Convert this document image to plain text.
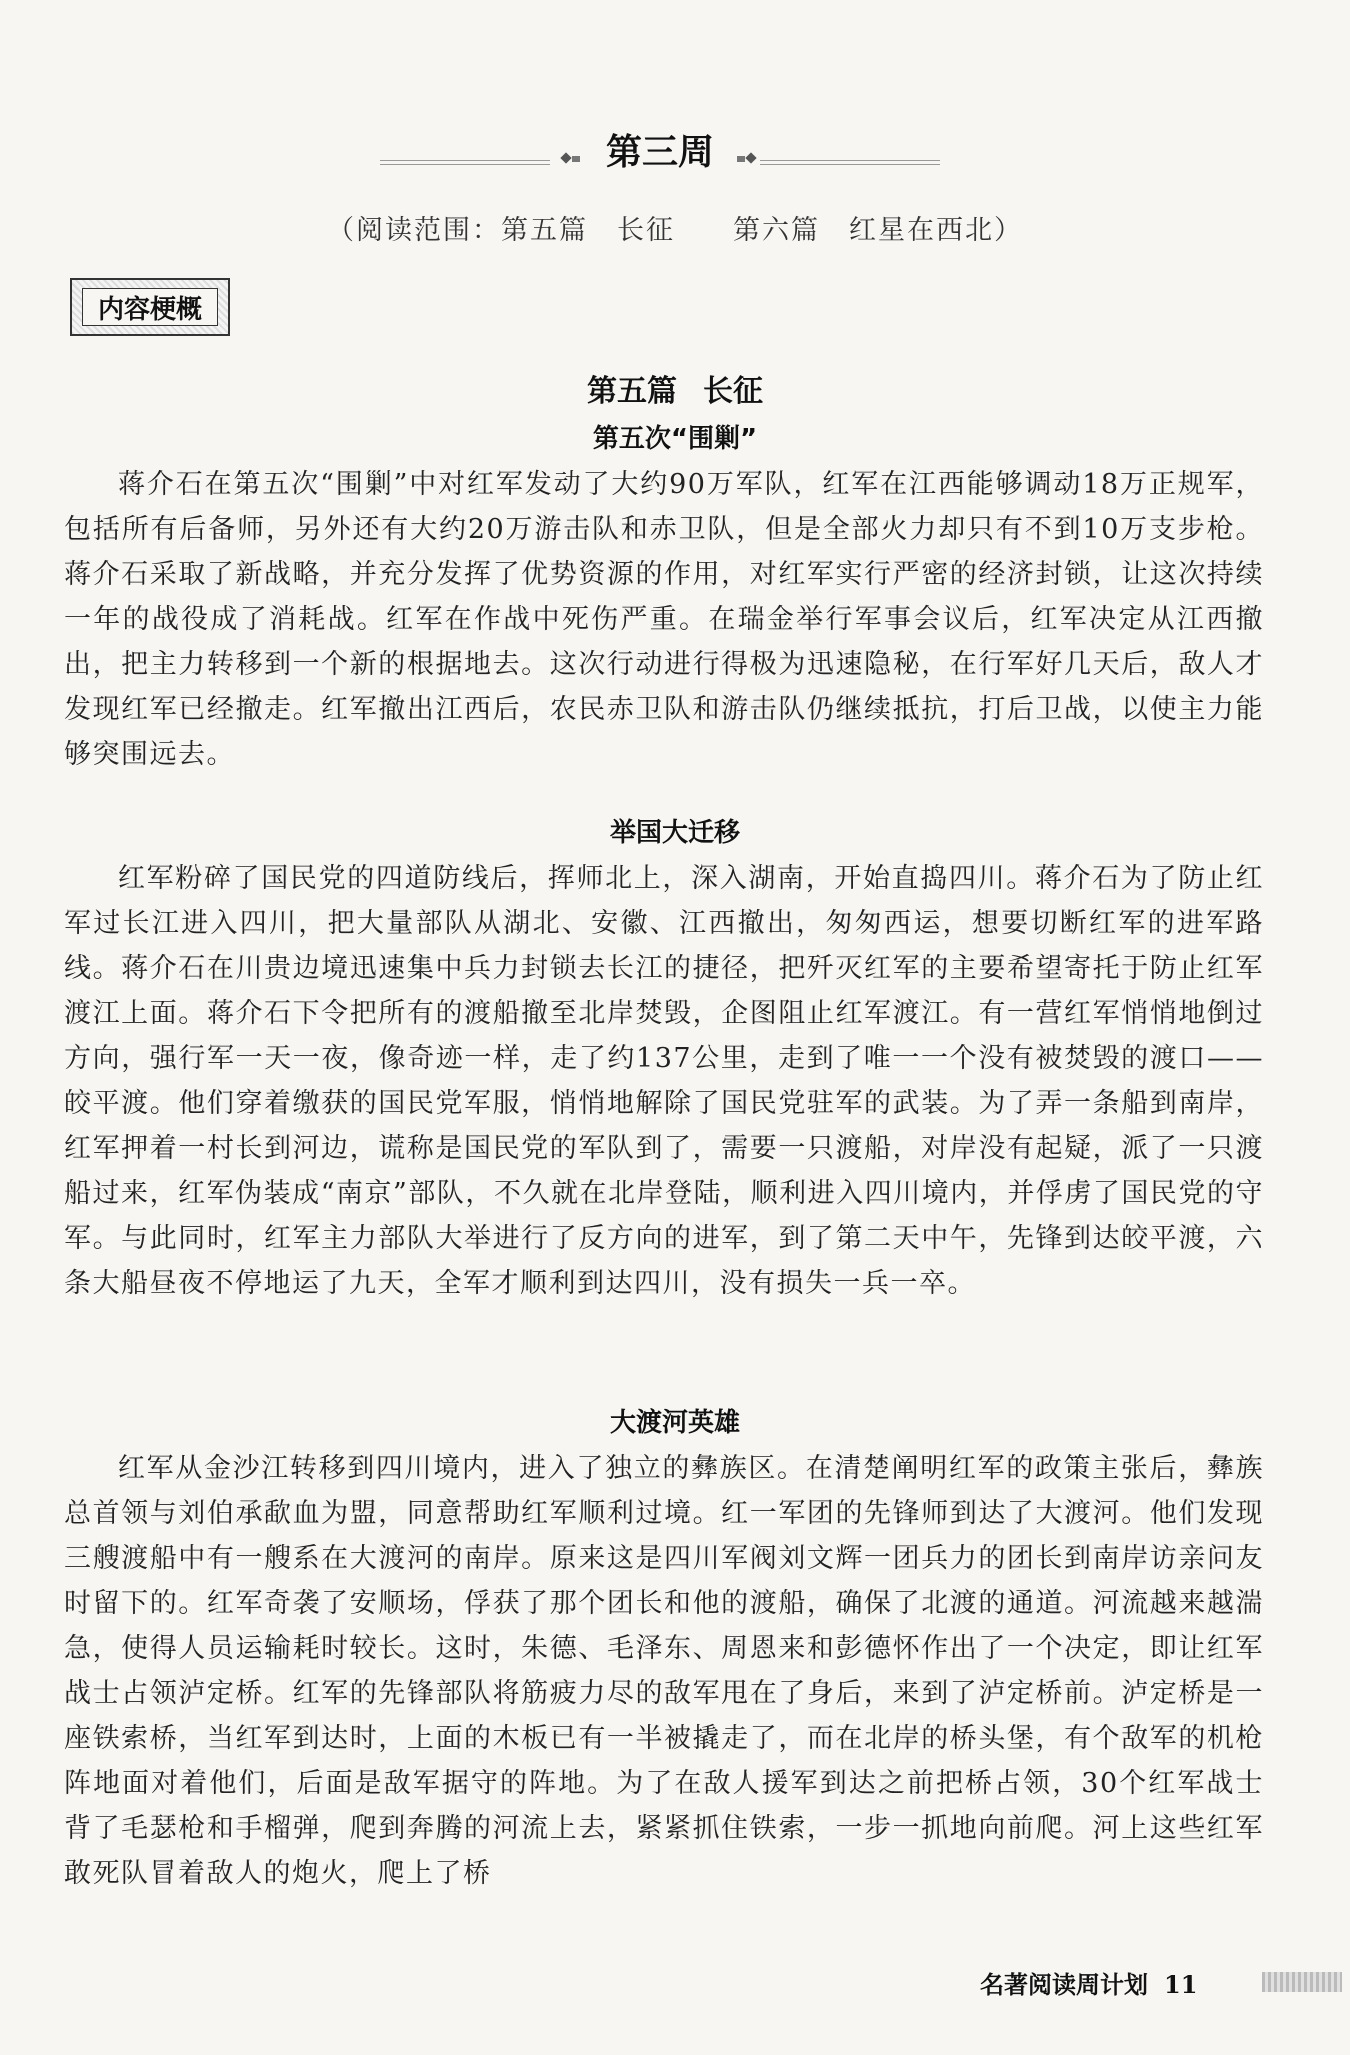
第三周
（阅读范围：第五篇　长征　　第六篇　红星在西北）
内容梗概
第五篇 长征
第五次“围剿”

蒋介石在第五次“围剿”中对红军发动了大约90万军队，红军在江西能够调动18万正规军，包括所有后备师，另外还有大约20万游击队和赤卫队，但是全部火力却只有不到10万支步枪。蒋介石采取了新战略，并充分发挥了优势资源的作用，对红军实行严密的经济封锁，让这次持续一年的战役成了消耗战。红军在作战中死伤严重。在瑞金举行军事会议后，红军决定从江西撤出，把主力转移到一个新的根据地去。这次行动进行得极为迅速隐秘，在行军好几天后，敌人才发现红军已经撤走。红军撤出江西后，农民赤卫队和游击队仍继续抵抗，打后卫战，以使主力能够突围远去。

举国大迁移

红军粉碎了国民党的四道防线后，挥师北上，深入湖南，开始直捣四川。蒋介石为了防止红军过长江进入四川，把大量部队从湖北、安徽、江西撤出，匆匆西运，想要切断红军的进军路线。蒋介石在川贵边境迅速集中兵力封锁去长江的捷径，把歼灭红军的主要希望寄托于防止红军渡江上面。蒋介石下令把所有的渡船撤至北岸焚毁，企图阻止红军渡江。有一营红军悄悄地倒过方向，强行军一天一夜，像奇迹一样，走了约137公里，走到了唯一一个没有被焚毁的渡口——皎平渡。他们穿着缴获的国民党军服，悄悄地解除了国民党驻军的武装。为了弄一条船到南岸，红军押着一村长到河边，谎称是国民党的军队到了，需要一只渡船，对岸没有起疑，派了一只渡船过来，红军伪装成“南京”部队，不久就在北岸登陆，顺利进入四川境内，并俘虏了国民党的守军。与此同时，红军主力部队大举进行了反方向的进军，到了第二天中午，先锋到达皎平渡，六条大船昼夜不停地运了九天，全军才顺利到达四川，没有损失一兵一卒。

大渡河英雄

红军从金沙江转移到四川境内，进入了独立的彝族区。在清楚阐明红军的政策主张后，彝族总首领与刘伯承歃血为盟，同意帮助红军顺利过境。红一军团的先锋师到达了大渡河。他们发现三艘渡船中有一艘系在大渡河的南岸。原来这是四川军阀刘文辉一团兵力的团长到南岸访亲问友时留下的。红军奇袭了安顺场，俘获了那个团长和他的渡船，确保了北渡的通道。河流越来越湍急，使得人员运输耗时较长。这时，朱德、毛泽东、周恩来和彭德怀作出了一个决定，即让红军战士占领泸定桥。红军的先锋部队将筋疲力尽的敌军甩在了身后，来到了泸定桥前。泸定桥是一座铁索桥，当红军到达时，上面的木板已有一半被撬走了，而在北岸的桥头堡，有个敌军的机枪阵地面对着他们，后面是敌军据守的阵地。为了在敌人援军到达之前把桥占领，30个红军战士背了毛瑟枪和手榴弹，爬到奔腾的河流上去，紧紧抓住铁索，一步一抓地向前爬。河上这些红军敢死队冒着敌人的炮火，爬上了桥

名著阅读周计划 11
